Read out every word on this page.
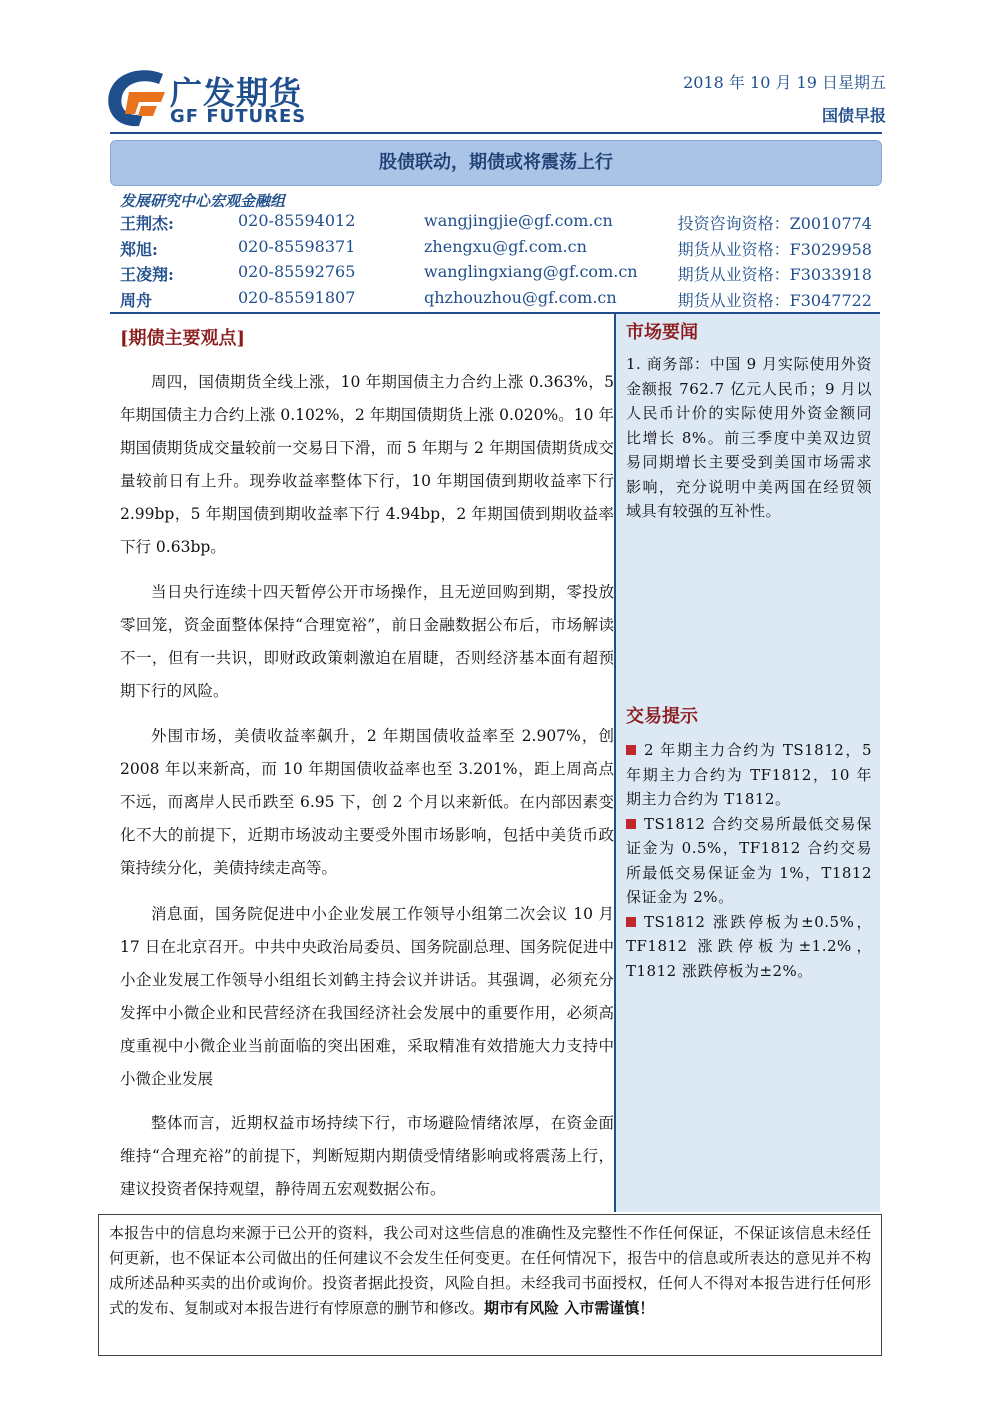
广发期货
GF FUTURES
2018 年 10 月 19 日星期五
国债早报
股债联动，期债或将震荡上行
发展研究中心宏观金融组
王荆杰:	020-85594012	wangjingjie@gf.com.cn	投资咨询资格：Z0010774
郑旭:	020-85598371	zhengxu@gf.com.cn	期货从业资格：F3029958
王凌翔:	020-85592765	wanglingxiang@gf.com.cn	期货从业资格：F3033918
周舟	020-85591807	qhzhouzhou@gf.com.cn	期货从业资格：F3047722
[期债主要观点]

周四，国债期货全线上涨，10 年期国债主力合约上涨 0.363%，5 年期国债主力合约上涨 0.102%，2 年期国债期货上涨 0.020%。10 年期国债期货成交量较前一交易日下滑，而 5 年期与 2 年期国债期货成交量较前日有上升。现券收益率整体下行，10 年期国债到期收益率下行 2.99bp，5 年期国债到期收益率下行 4.94bp，2 年期国债到期收益率下行 0.63bp。

当日央行连续十四天暂停公开市场操作，且无逆回购到期，零投放零回笼，资金面整体保持“合理宽裕”，前日金融数据公布后，市场解读不一，但有一共识，即财政政策刺激迫在眉睫，否则经济基本面有超预期下行的风险。

外围市场，美债收益率飙升，2 年期国债收益率至 2.907%，创 2008 年以来新高，而 10 年期国债收益率也至 3.201%，距上周高点不远，而离岸人民币跌至 6.95 下，创 2 个月以来新低。在内部因素变化不大的前提下，近期市场波动主要受外围市场影响，包括中美货币政策持续分化，美债持续走高等。

消息面，国务院促进中小企业发展工作领导小组第二次会议 10 月 17 日在北京召开。中共中央政治局委员、国务院副总理、国务院促进中小企业发展工作领导小组组长刘鹤主持会议并讲话。其强调，必须充分发挥中小微企业和民营经济在我国经济社会发展中的重要作用，必须高度重视中小微企业当前面临的突出困难，采取精准有效措施大力支持中小微企业发展

整体而言，近期权益市场持续下行，市场避险情绪浓厚，在资金面维持“合理充裕”的前提下，判断短期内期债受情绪影响或将震荡上行，建议投资者保持观望，静待周五宏观数据公布。

市场要闻

1. 商务部：中国 9 月实际使用外资金额报 762.7 亿元人民币；9 月以人民币计价的实际使用外资金额同比增长 8%。前三季度中美双边贸易同期增长主要受到美国市场需求影响，充分说明中美两国在经贸领域具有较强的互补性。

交易提示

2 年期主力合约为 TS1812，5 年期主力合约为 TF1812，10 年期主力合约为 T1812。

TS1812 合约交易所最低交易保证金为 0.5%，TF1812 合约交易所最低交易保证金为 1%，T1812 保证金为 2%。

TS1812 涨跌停板为±0.5%，TF1812 涨跌停板为±1.2%，T1812 涨跌停板为±2%。

本报告中的信息均来源于已公开的资料，我公司对这些信息的准确性及完整性不作任何保证，不保证该信息未经任何更新，也不保证本公司做出的任何建议不会发生任何变更。在任何情况下，报告中的信息或所表达的意见并不构成所述品种买卖的出价或询价。投资者据此投资，风险自担。未经我司书面授权，任何人不得对本报告进行任何形式的发布、复制或对本报告进行有悖原意的删节和修改。期市有风险 入市需谨慎！
